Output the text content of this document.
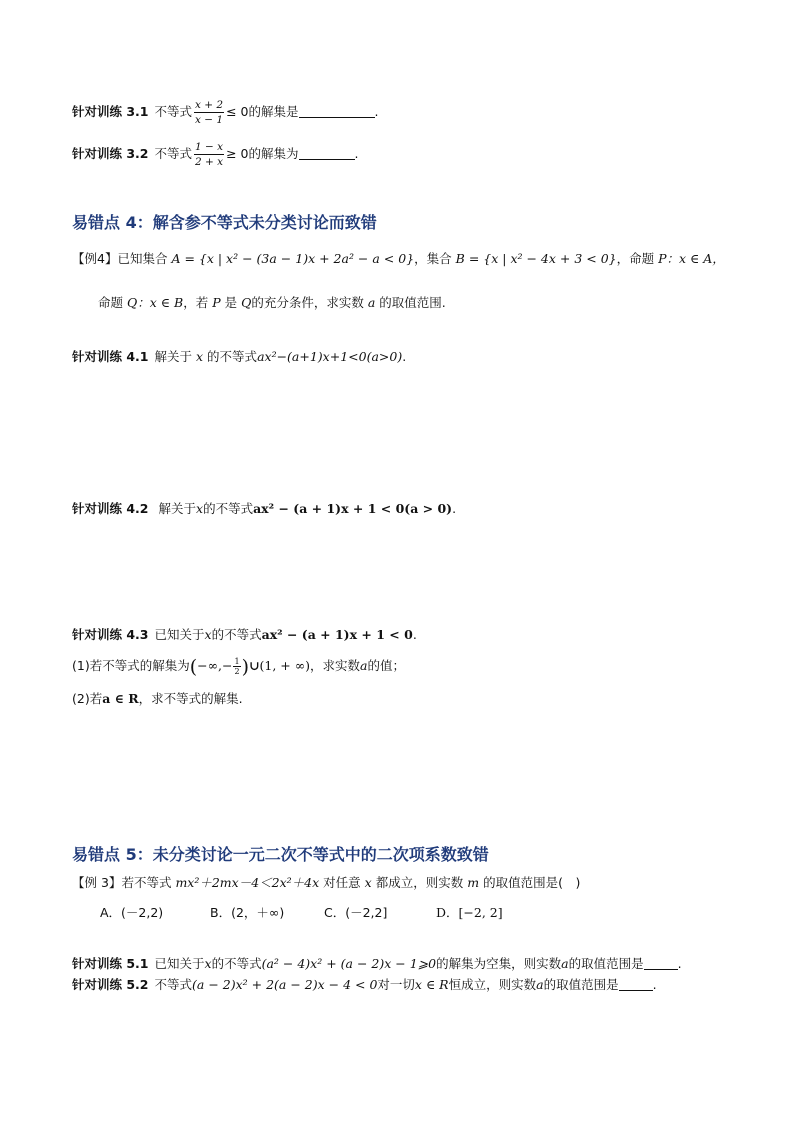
针对训练 3.1 不等式 $\frac{x + 2}{x - 1} \le 0$的解集是	.
针对训练 3.2 不等式 $\frac{1 - x}{2 + x} \ge 0$的解集为	.
易错点 4：解含参不等式未分类讨论而致错
【例4】已知集合 A = {x | x² − (3a − 1)x + 2a² − a < 0}，集合 B = {x | x² − 4x + 3 < 0}，命题 P：x ∈ A，
命题 Q：x ∈ B，若 P 是 Q的充分条件，求实数 a 的取值范围.
针对训练 4.1 解关于 x 的不等式ax²−(a+1)x+1<0(a>0).
针对训练 4.2 解关于x的不等式ax² − (a + 1)x + 1 < 0(a > 0).
针对训练 4.3 已知关于x的不等式ax² − (a + 1)x + 1 < 0.
(1)若不等式的解集为(−∞,− $\frac{1}{2}$ )∪(1, + ∞)，求实数a的值；
(2)若a ∈ R，求不等式的解集.
易错点 5：未分类讨论一元二次不等式中的二次项系数致错
【例 3】若不等式 mx²＋2mx－4＜2x²＋4x 对任意 x 都成立，则实数 m 的取值范围是(　)
A．(－2,2)	B．(2，＋∞)	C．(－2,2]	D．[−2, 2]
针对训练 5.1 已知关于x的不等式(a² − 4)x² + (a − 2)x − 1⩾0的解集为空集，则实数a的取值范围是	.
针对训练 5.2 不等式(a − 2)x² + 2(a − 2)x − 4 < 0对一切x ∈ R恒成立，则实数a的取值范围是	.
